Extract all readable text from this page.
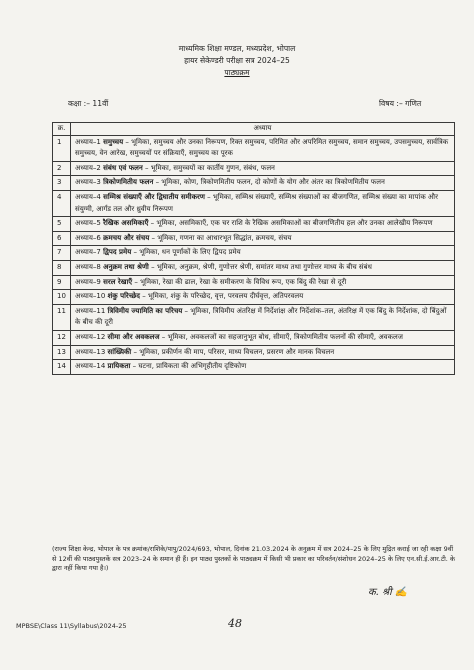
माध्यमिक शिक्षा मण्डल, मध्यप्रदेश, भोपाल
हायर सेकेण्डरी परीक्षा सत्र 2024–25
पाठ्यक्रम
कक्षा :– 11वीं	विषय :– गणित
क्र.	अध्याय
1	अध्याय–1 समुच्चय – भूमिका, समुच्चय और उनका निरूपण, रिक्त समुच्चय, परिमित और अपरिमित समुच्चय, समान समुच्चय, उपसमुच्चय, सार्वत्रिक समुच्चय, वेन आरेख, समुच्चयों पर संक्रियाएँ, समुच्चय का पूरक
2	अध्याय–2 संबंध एवं फलन – भूमिका, समुच्चयों का कार्तीय गुणन, संबंध, फलन
3	अध्याय–3 त्रिकोणमितीय फलन – भूमिका, कोण, त्रिकोणमितीय फलन, दो कोणों के योग और अंतर का त्रिकोणमितीय फलन
4	अध्याय–4 सम्मिश्र संख्याएँ और द्विघातीय समीकरण – भूमिका, सम्मिश्र संख्याएँ, सम्मिश्र संख्याओं का बीजगणित, सम्मिश्र संख्या का मापांक और संयुग्मी, आर्गंड तल और ध्रुवीय निरूपण
5	अध्याय–5 रैखिक असमिकाएँ – भूमिका, असमिकाएँ, एक चर राशि के रैखिक असमिकाओं का बीजगणितीय हल और उनका आलेखीय निरूपण
6	अध्याय–6 क्रमचय और संचय – भूमिका, गणना का आधारभूत सिद्धांत, क्रमचय, संचय
7	अध्याय–7 द्विपद प्रमेय – भूमिका, धन पूर्णांकों के लिए द्विपद प्रमेय
8	अध्याय–8 अनुक्रम तथा श्रेणी – भूमिका, अनुक्रम, श्रेणी, गुणोत्तर श्रेणी, समांतर माध्य तथा गुणोत्तर माध्य के बीच संबंध
9	अध्याय–9 सरल रेखाएँ – भूमिका, रेखा की ढाल, रेखा के समीकरण के विविध रूप, एक बिंदु की रेखा से दूरी
10	अध्याय–10 शंकु परिच्छेद – भूमिका, शंकु के परिच्छेद, वृत्त, परवलय दीर्घवृत्त, अतिपरवलय
11	अध्याय–11 त्रिविमीय ज्यामिति का परिचय – भूमिका, त्रिविमीय अंतरिक्ष में निर्देशांक्ष और निर्देशांक–तल, अंतरिक्ष में एक बिंदु के निर्देशांक, दो बिंदुओं के बीच की दूरी
12	अध्याय–12 सीमा और अवकलज – भूमिका, अवकलजों का सहजानुभूत बोध, सीमाएँ, त्रिकोणमितीय फलनों की सीमाएँ, अवकलज
13	अध्याय–13 सांख्यिकी – भूमिका, प्रकीर्णन की माप, परिसर, माध्य विचलन, प्रसरण और मानक विचलन
14	अध्याय–14 प्रायिकता – घटना, प्रायिकता की अभिगृहीतीय दृष्टिकोण
(राज्य शिक्षा केन्द्र, भोपाल के पत्र क्रमांक/राशिके/पापु/2024/693, भोपाल, दिनांक 21.03.2024 के अनुक्रम में सत्र 2024–25 के लिए मुद्रित कराई जा रही कक्षा 9वीं से 12वीं की पाठ्यपुस्तकें सत्र 2023–24 के समान ही हैं। इन पाठ्य पुस्तकों के पाठ्यक्रम में किसी भी प्रकार का परिवर्तन/संशोधन 2024–25 के लिए एन.सी.ई.आर.टी. के द्वारा नहीं किया गया है।)
क. श्री ✍
MPBSE\Class 11\Syllabus\2024-25	48
